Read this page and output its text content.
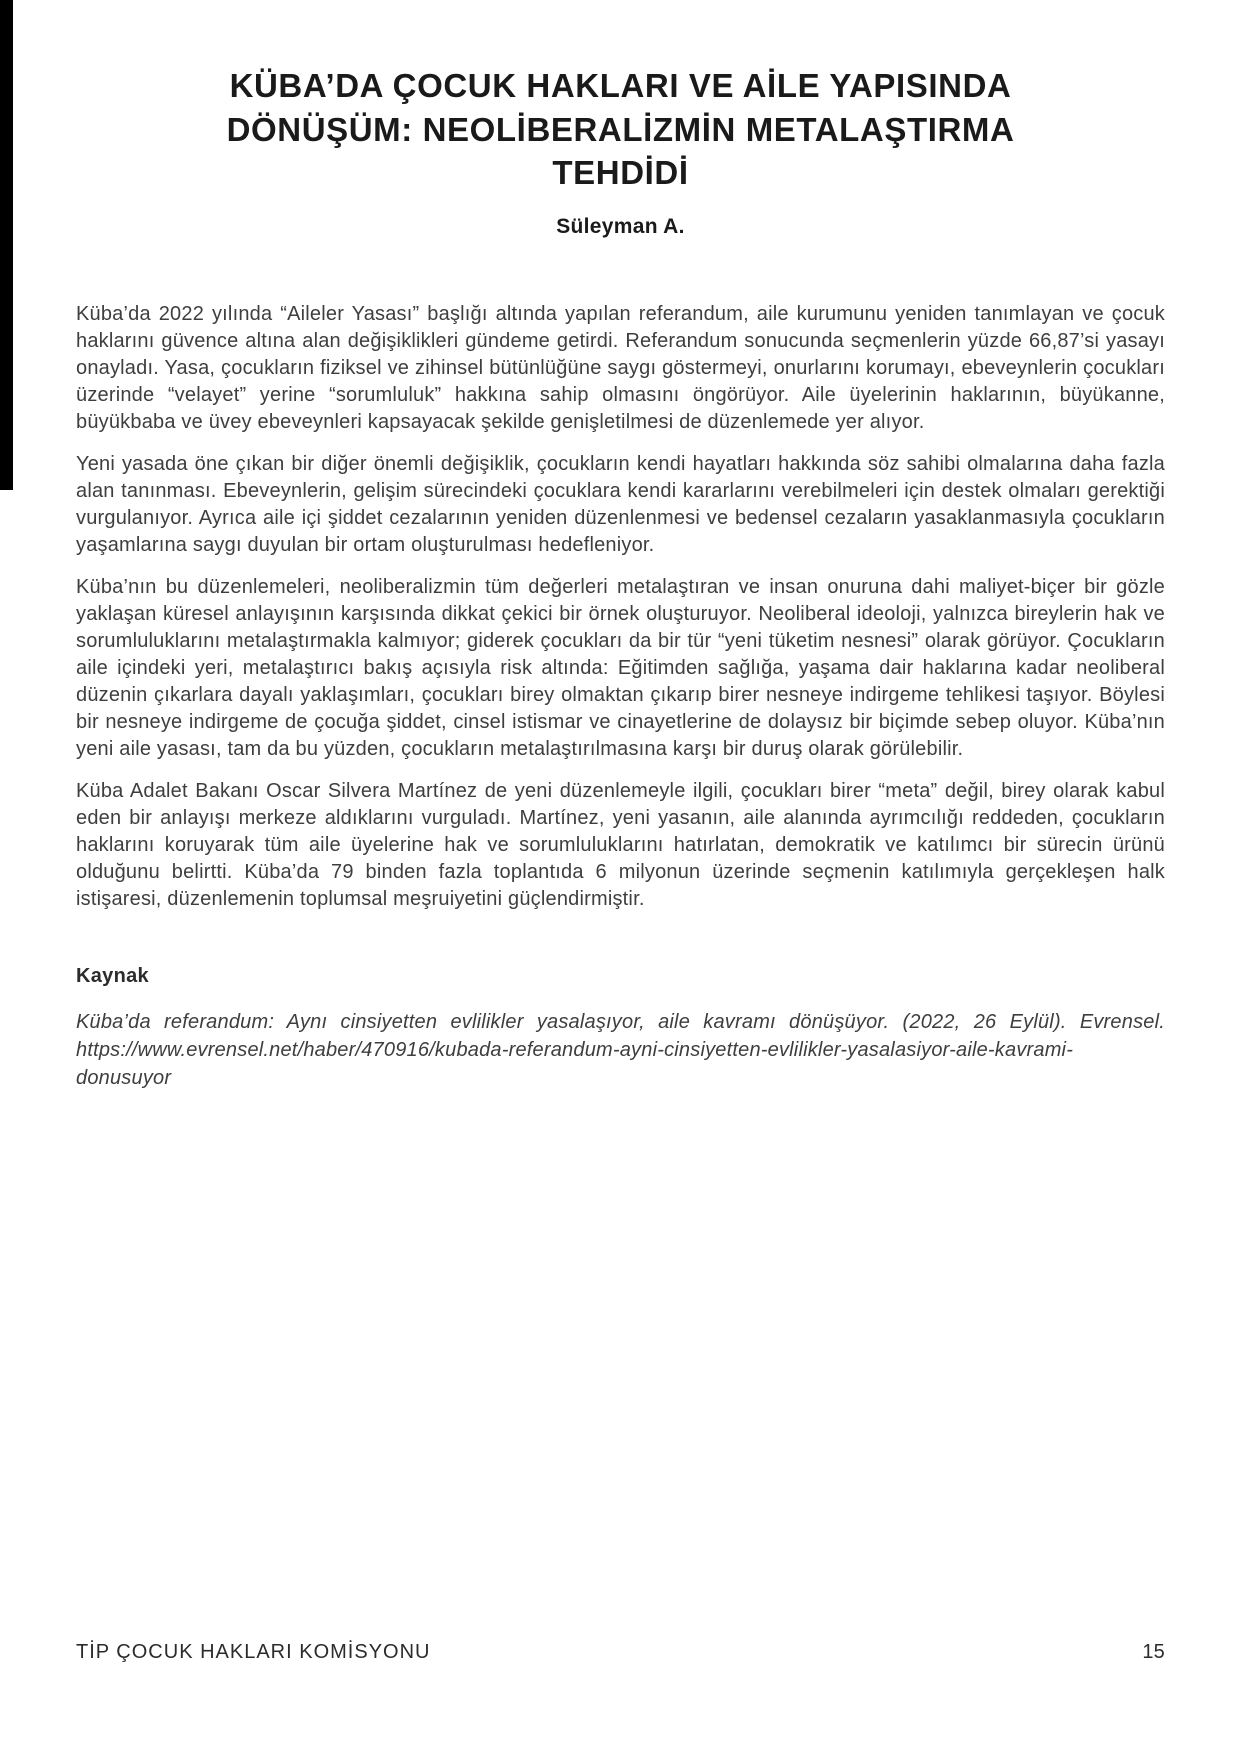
KÜBA’DA ÇOCUK HAKLARI VE AİLE YAPISINDA DÖNÜŞÜM: NEOLİBERALİZMİN METALAŞTIRMA TEHDİDİ
Süleyman A.

Küba’da 2022 yılında “Aileler Yasası” başlığı altında yapılan referandum, aile kurumunu yeniden tanımlayan ve çocuk haklarını güvence altına alan değişiklikleri gündeme getirdi. Referandum sonucunda seçmenlerin yüzde 66,87’si yasayı onayladı. Yasa, çocukların fiziksel ve zihinsel bütünlüğüne saygı göstermeyi, onurlarını korumayı, ebeveynlerin çocukları üzerinde “velayet” yerine “sorumluluk” hakkına sahip olmasını öngörüyor. Aile üyelerinin haklarının, büyükanne, büyükbaba ve üvey ebeveynleri kapsayacak şekilde genişletilmesi de düzenlemede yer alıyor.

Yeni yasada öne çıkan bir diğer önemli değişiklik, çocukların kendi hayatları hakkında söz sahibi olmalarına daha fazla alan tanınması. Ebeveynlerin, gelişim sürecindeki çocuklara kendi kararlarını verebilmeleri için destek olmaları gerektiği vurgulanıyor. Ayrıca aile içi şiddet cezalarının yeniden düzenlenmesi ve bedensel cezaların yasaklanmasıyla çocukların yaşamlarına saygı duyulan bir ortam oluşturulması hedefleniyor.

Küba’nın bu düzenlemeleri, neoliberalizmin tüm değerleri metalaştıran ve insan onuruna dahi maliyet-biçer bir gözle yaklaşan küresel anlayışının karşısında dikkat çekici bir örnek oluşturuyor. Neoliberal ideoloji, yalnızca bireylerin hak ve sorumluluklarını metalaştırmakla kalmıyor; giderek çocukları da bir tür “yeni tüketim nesnesi” olarak görüyor. Çocukların aile içindeki yeri, metalaştırıcı bakış açısıyla risk altında: Eğitimden sağlığa, yaşama dair haklarına kadar neoliberal düzenin çıkarlara dayalı yaklaşımları, çocukları birey olmaktan çıkarıp birer nesneye indirgeme tehlikesi taşıyor. Böylesi bir nesneye indirgeme de çocuğa şiddet, cinsel istismar ve cinayetlerine de dolaysız bir biçimde sebep oluyor. Küba’nın yeni aile yasası, tam da bu yüzden, çocukların metalaştırılmasına karşı bir duruş olarak görülebilir.

Küba Adalet Bakanı Oscar Silvera Martínez de yeni düzenlemeyle ilgili, çocukları birer “meta” değil, birey olarak kabul eden bir anlayışı merkeze aldıklarını vurguladı. Martínez, yeni yasanın, aile alanında ayrımcılığı reddeden, çocukların haklarını koruyarak tüm aile üyelerine hak ve sorumluluklarını hatırlatan, demokratik ve katılımcı bir sürecin ürünü olduğunu belirtti. Küba’da 79 binden fazla toplantıda 6 milyonun üzerinde seçmenin katılımıyla gerçekleşen halk istişaresi, düzenlemenin toplumsal meşruiyetini güçlendirmiştir.

Kaynak

Küba’da referandum: Aynı cinsiyetten evlilikler yasalaşıyor, aile kavramı dönüşüyor. (2022, 26 Eylül). Evrensel. https://www.evrensel.net/haber/470916/kubada-referandum-ayni-cinsiyetten-evlilikler-yasalasiyor-aile-kavrami-donusuyor

TİP ÇOCUK HAKLARI KOMİSYONU	15
